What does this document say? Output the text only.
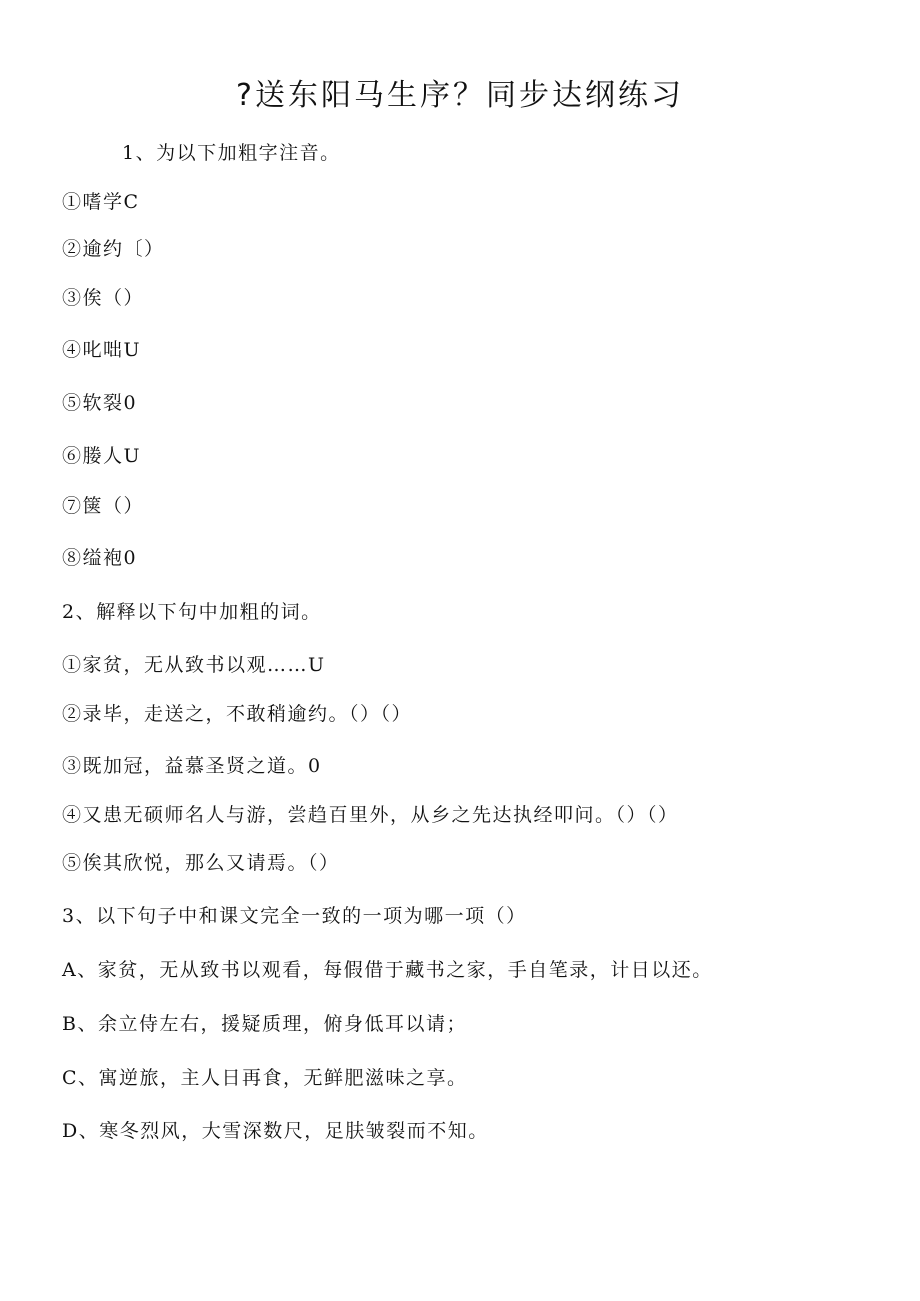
?送东阳马生序？同步达纲练习
1、为以下加粗字注音。
①嗜学C
②逾约〔）
③俟（）
④叱咄U
⑤软裂0
⑥媵人U
⑦箧（）
⑧缢袍0
2、解释以下句中加粗的词。
①家贫，无从致书以观……U
②录毕，走送之，不敢稍逾约。（）（）
③既加冠，益慕圣贤之道。0
④又患无硕师名人与游，尝趋百里外，从乡之先达执经叩问。（）（）
⑤俟其欣悦，那么又请焉。（）
3、以下句子中和课文完全一致的一项为哪一项（）
A、家贫，无从致书以观看，每假借于藏书之家，手自笔录，计日以还。
B、余立侍左右，援疑质理，俯身低耳以请；
C、寓逆旅，主人日再食，无鲜肥滋味之享。
D、寒冬烈风，大雪深数尺，足肤皱裂而不知。
